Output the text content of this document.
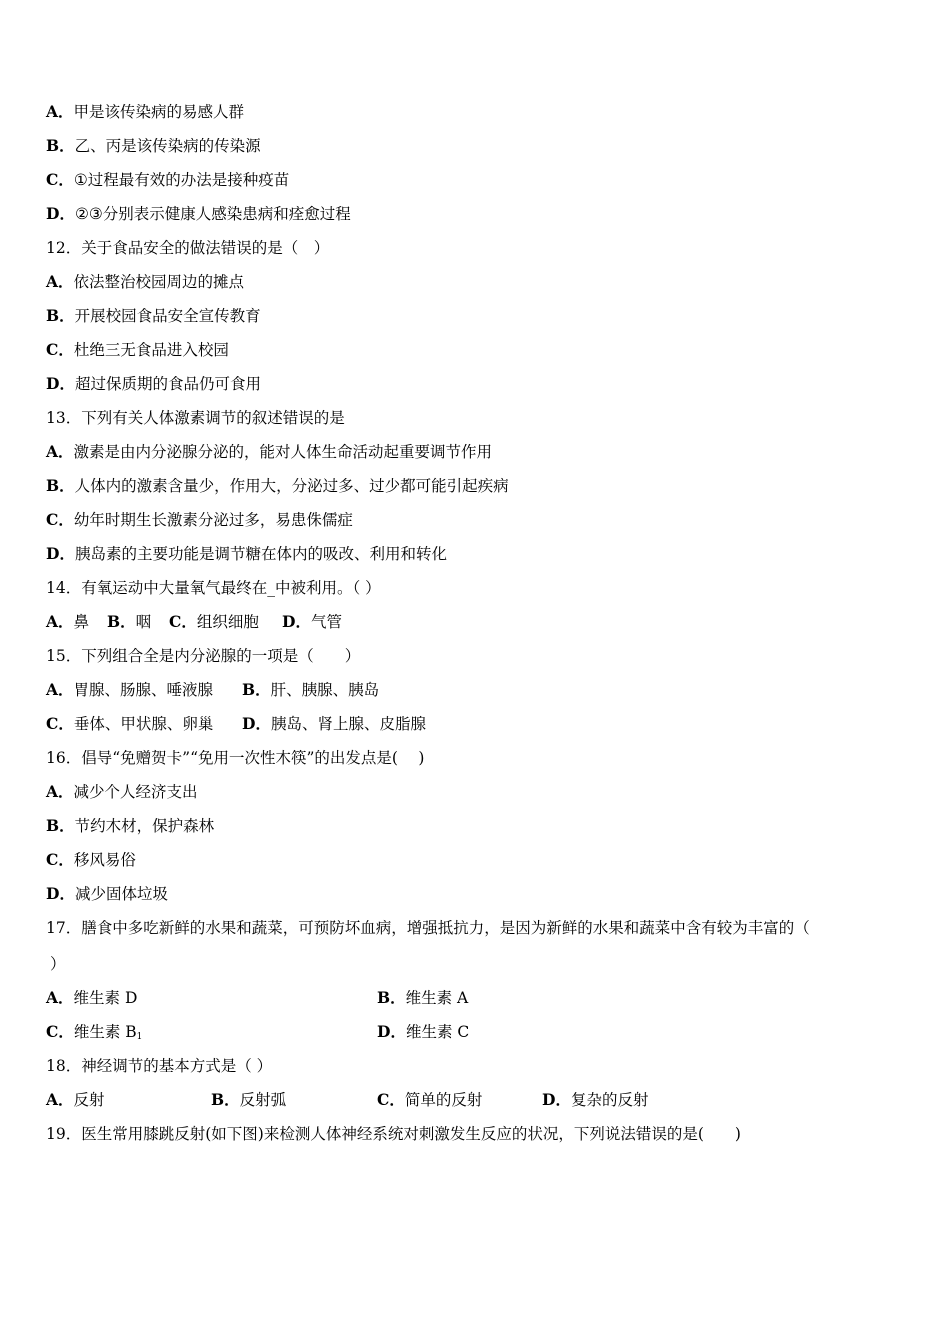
A．甲是该传染病的易感人群
B．乙、丙是该传染病的传染源
C．①过程最有效的办法是接种疫苗
D．②③分别表示健康人感染患病和痊愈过程
12．关于食品安全的做法错误的是（　）
A．依法整治校园周边的摊点
B．开展校园食品安全宣传教育
C．杜绝三无食品进入校园
D．超过保质期的食品仍可食用
13．下列有关人体激素调节的叙述错误的是
A．激素是由内分泌腺分泌的，能对人体生命活动起重要调节作用
B．人体内的激素含量少，作用大，分泌过多、过少都可能引起疾病
C．幼年时期生长激素分泌过多，易患侏儒症
D．胰岛素的主要功能是调节糖在体内的吸改、利用和转化
14．有氧运动中大量氧气最终在_中被利用。（ ）
A．鼻 B．咽 C．组织细胞 D．气管
15．下列组合全是内分泌腺的一项是（　　）
A．胃腺、肠腺、唾液腺 B．肝、胰腺、胰岛
C．垂体、甲状腺、卵巢 D．胰岛、肾上腺、皮脂腺
16．倡导“免赠贺卡”“免用一次性木筷”的出发点是(　 )
A．减少个人经济支出
B．节约木材，保护森林
C．移风易俗
D．减少固体垃圾
17．膳食中多吃新鲜的水果和蔬菜，可预防坏血病，增强抵抗力，是因为新鲜的水果和蔬菜中含有较为丰富的（
）
A．维生素 D	B．维生素 A
C．维生素 $B_1$	D．维生素 C
18．神经调节的基本方式是（ ）
A．反射	B．反射弧	C．简单的反射	D．复杂的反射
19．医生常用膝跳反射(如下图)来检测人体神经系统对刺激发生反应的状况，下列说法错误的是(　　)
